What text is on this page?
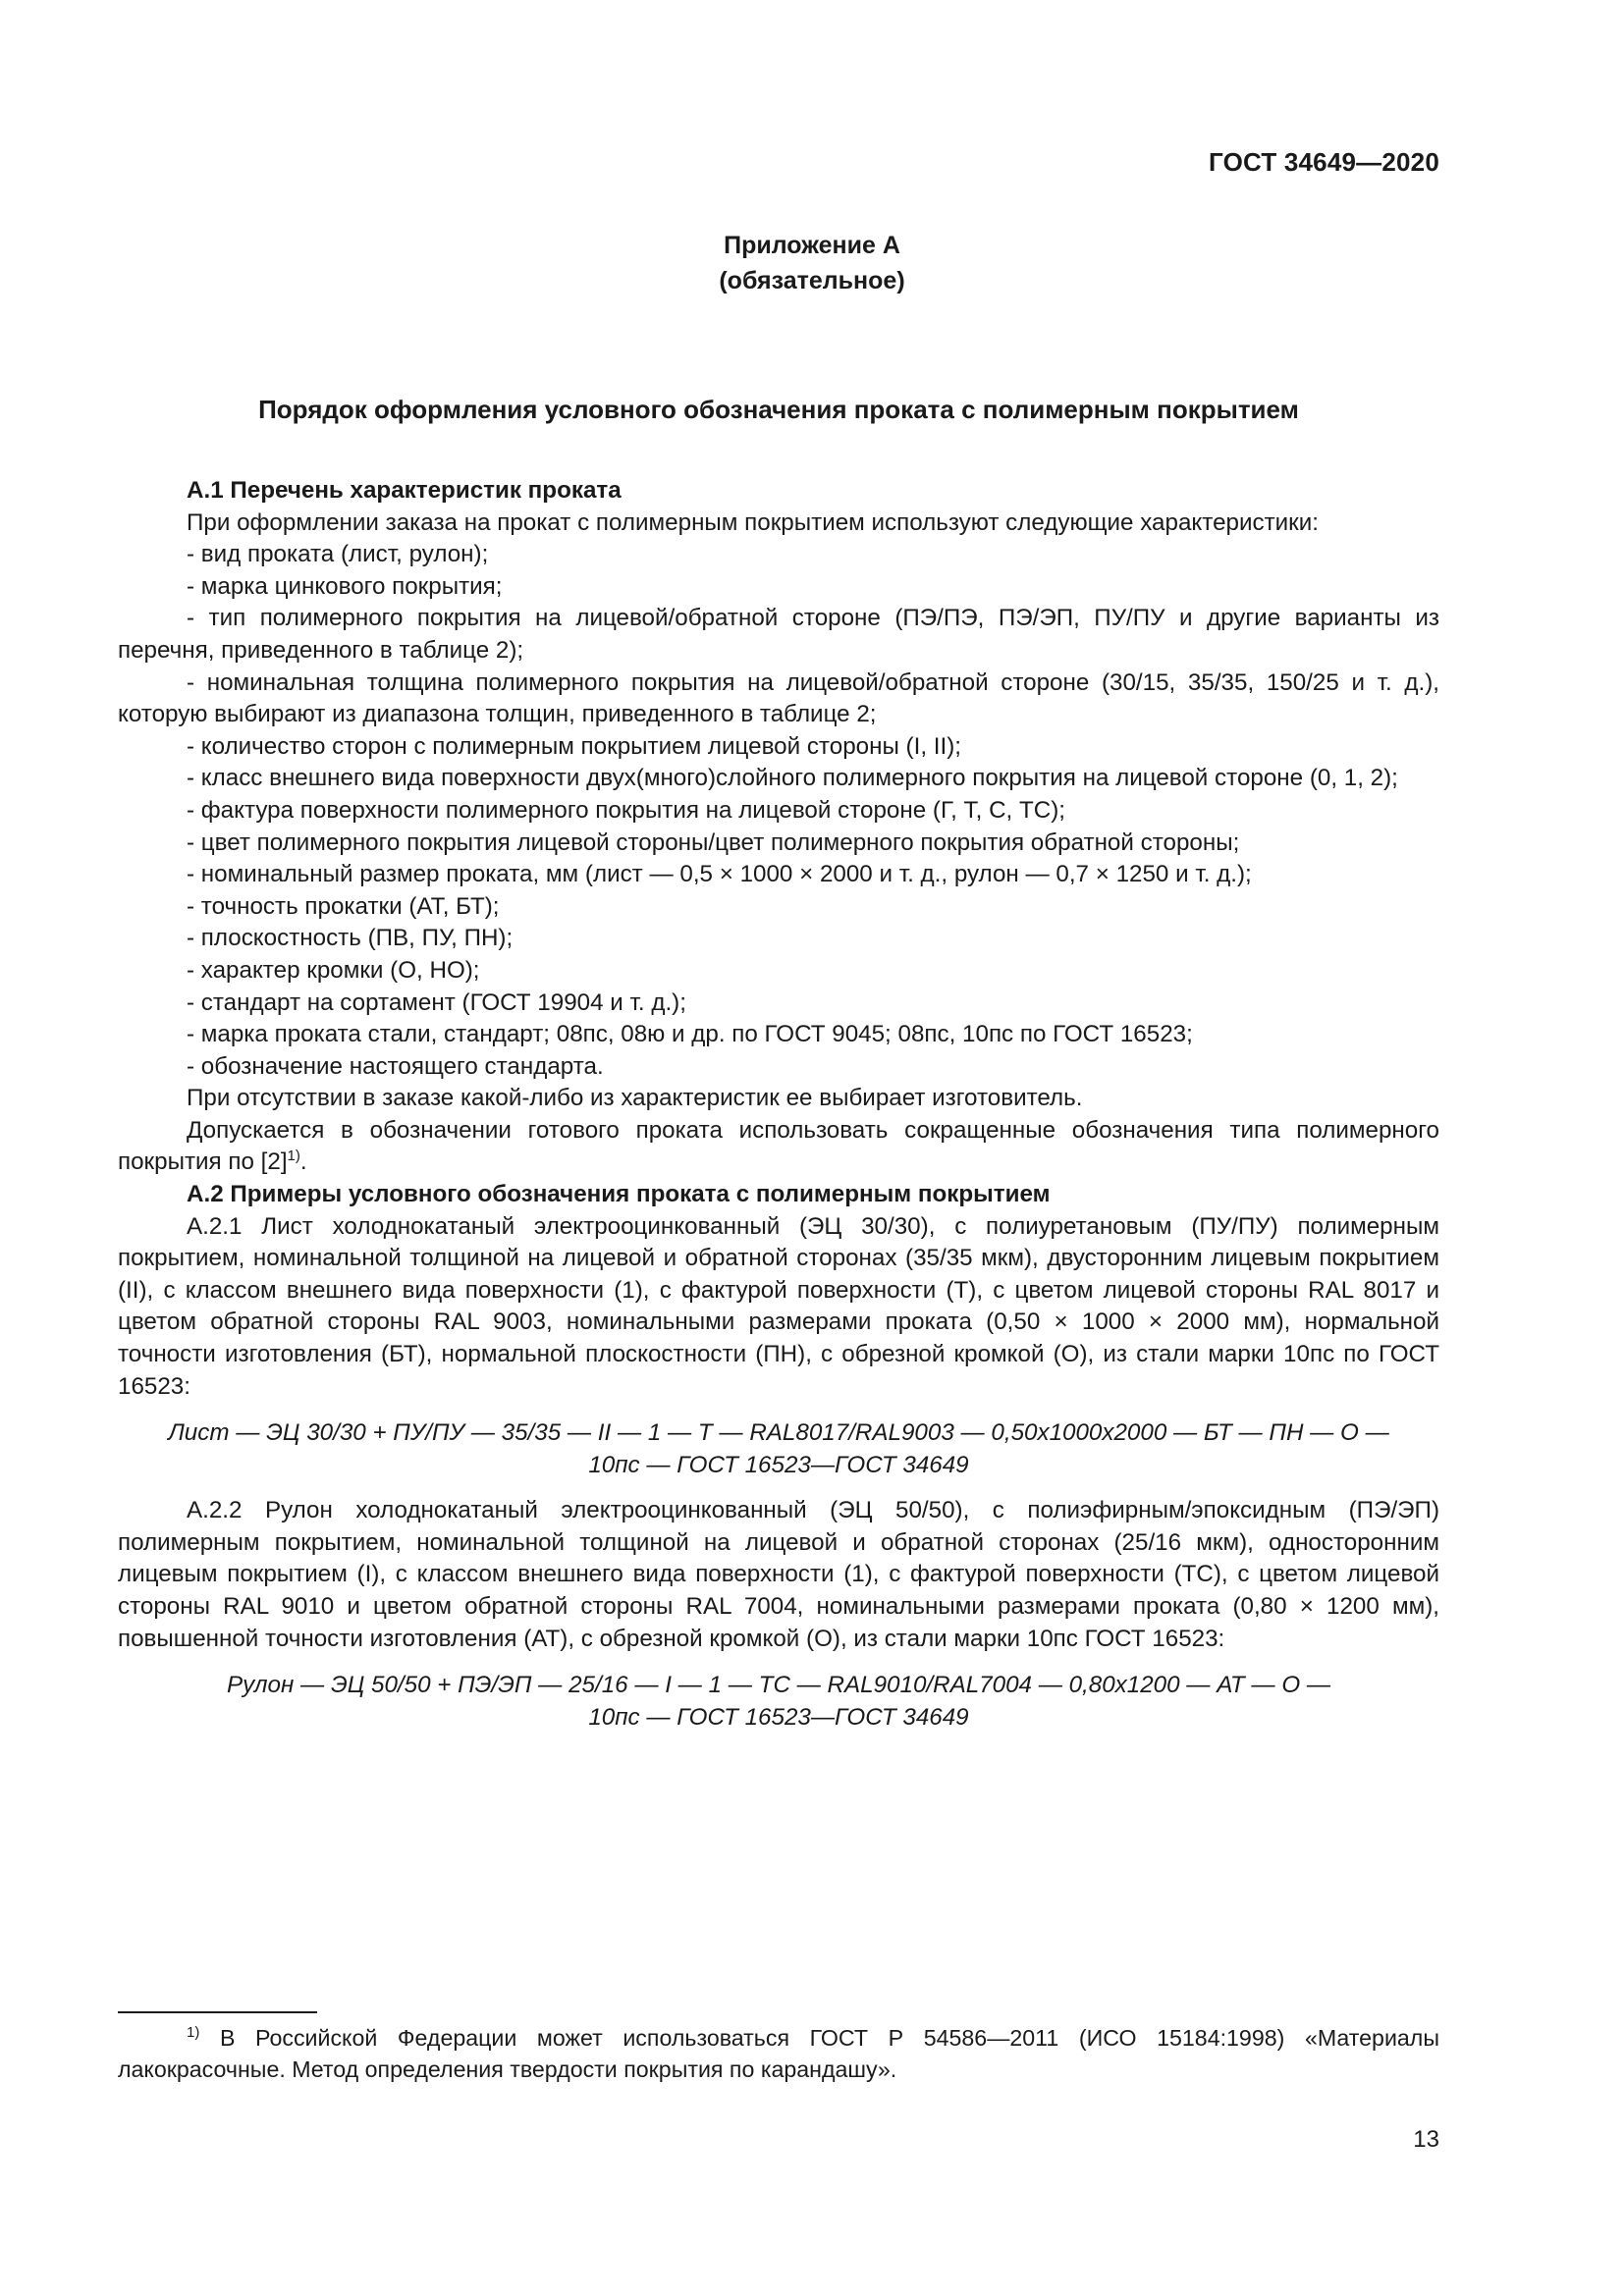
ГОСТ 34649—2020
Приложение А
(обязательное)
Порядок оформления условного обозначения проката с полимерным покрытием

А.1 Перечень характеристик проката

При оформлении заказа на прокат с полимерным покрытием используют следующие характеристики:

- вид проката (лист, рулон);

- марка цинкового покрытия;

- тип полимерного покрытия на лицевой/обратной стороне (ПЭ/ПЭ, ПЭ/ЭП, ПУ/ПУ и другие варианты из перечня, приведенного в таблице 2);

- номинальная толщина полимерного покрытия на лицевой/обратной стороне (30/15, 35/35, 150/25 и т. д.), которую выбирают из диапазона толщин, приведенного в таблице 2;

- количество сторон с полимерным покрытием лицевой стороны (I, II);

- класс внешнего вида поверхности двух(много)слойного полимерного покрытия на лицевой стороне (0, 1, 2);

- фактура поверхности полимерного покрытия на лицевой стороне (Г, Т, С, ТС);

- цвет полимерного покрытия лицевой стороны/цвет полимерного покрытия обратной стороны;

- номинальный размер проката, мм (лист — 0,5 × 1000 × 2000 и т. д., рулон — 0,7 × 1250 и т. д.);

- точность прокатки (АТ, БТ);

- плоскостность (ПВ, ПУ, ПН);

- характер кромки (О, НО);

- стандарт на сортамент (ГОСТ 19904 и т. д.);

- марка проката стали, стандарт; 08пс, 08ю и др. по ГОСТ 9045; 08пс, 10пс по ГОСТ 16523;

- обозначение настоящего стандарта.

При отсутствии в заказе какой-либо из характеристик ее выбирает изготовитель.

Допускается в обозначении готового проката использовать сокращенные обозначения типа полимерного покрытия по $[2]^{1)}$.

А.2 Примеры условного обозначения проката с полимерным покрытием

А.2.1 Лист холоднокатаный электрооцинкованный (ЭЦ 30/30), с полиуретановым (ПУ/ПУ) полимерным покрытием, номинальной толщиной на лицевой и обратной сторонах (35/35 мкм), двусторонним лицевым покрытием (II), с классом внешнего вида поверхности (1), с фактурой поверхности (Т), с цветом лицевой стороны RAL 8017 и цветом обратной стороны RAL 9003, номинальными размерами проката (0,50 × 1000 × 2000 мм), нормальной точности изготовления (БТ), нормальной плоскостности (ПН), с обрезной кромкой (О), из стали марки 10пс по ГОСТ 16523:

Лист — ЭЦ 30/30 + ПУ/ПУ — 35/35 — II — 1 — Т — RAL8017/RAL9003 — 0,50x1000x2000 — БТ — ПН — О —
10пс — ГОСТ 16523—ГОСТ 34649

А.2.2 Рулон холоднокатаный электрооцинкованный (ЭЦ 50/50), с полиэфирным/эпоксидным (ПЭ/ЭП) полимерным покрытием, номинальной толщиной на лицевой и обратной сторонах (25/16 мкм), односторонним лицевым покрытием (I), с классом внешнего вида поверхности (1), с фактурой поверхности (ТС), с цветом лицевой стороны RAL 9010 и цветом обратной стороны RAL 7004, номинальными размерами проката (0,80 × 1200 мм), повышенной точности изготовления (АТ), с обрезной кромкой (О), из стали марки 10пс ГОСТ 16523:

Рулон — ЭЦ 50/50 + ПЭ/ЭП — 25/16 — I — 1 — ТС — RAL9010/RAL7004 — 0,80x1200 — АТ — О —
10пс — ГОСТ 16523—ГОСТ 34649

$^{1)}$ В Российской Федерации может использоваться ГОСТ Р 54586—2011 (ИСО 15184:1998) «Материалы лакокрасочные. Метод определения твердости покрытия по карандашу».
13
